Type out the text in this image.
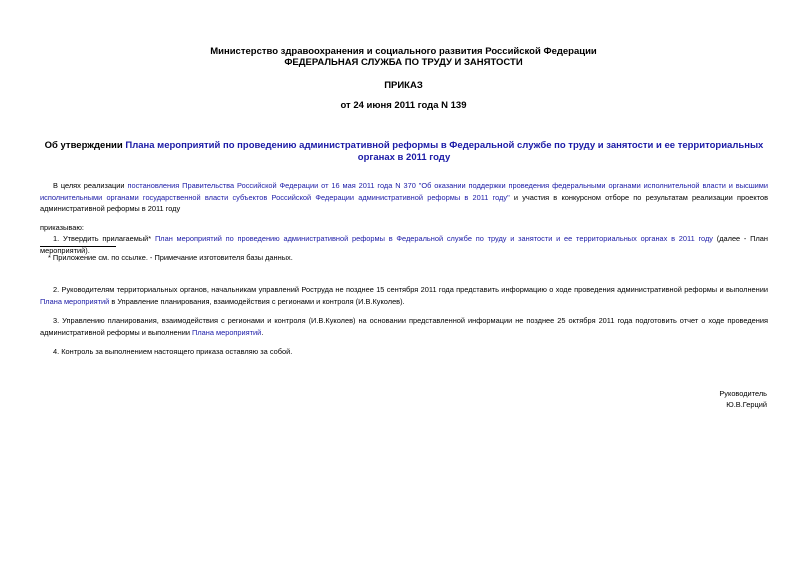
Министерство здравоохранения и социального развития Российской Федерации
ФЕДЕРАЛЬНАЯ СЛУЖБА ПО ТРУДУ И ЗАНЯТОСТИ
ПРИКАЗ
от 24 июня 2011 года N 139
Об утверждении Плана мероприятий по проведению административной реформы в Федеральной службе по труду и занятости и ее территориальных органах в 2011 году
В целях реализации постановления Правительства Российской Федерации от 16 мая 2011 года N 370 "Об оказании поддержки проведения федеральными органами исполнительной власти и высшими исполнительными органами государственной власти субъектов Российской Федерации административной реформы в 2011 году" и участия в конкурсном отборе по результатам реализации проектов административной реформы в 2011 году
приказываю:
1. Утвердить прилагаемый* План мероприятий по проведению административной реформы в Федеральной службе по труду и занятости и ее территориальных органах в 2011 году (далее - План мероприятий).
* Приложение см. по ссылке. - Примечание изготовителя базы данных.
2. Руководителям территориальных органов, начальникам управлений Роструда не позднее 15 сентября 2011 года представить информацию о ходе проведения административной реформы и выполнении Плана мероприятий в Управление планирования, взаимодействия с регионами и контроля (И.В.Куколев).
3. Управлению планирования, взаимодействия с регионами и контроля (И.В.Куколев) на основании представленной информации не позднее 25 октября 2011 года подготовить отчет о ходе проведения административной реформы и выполнении Плана мероприятий.
4. Контроль за выполнением настоящего приказа оставляю за собой.
Руководитель
Ю.В.Герций
